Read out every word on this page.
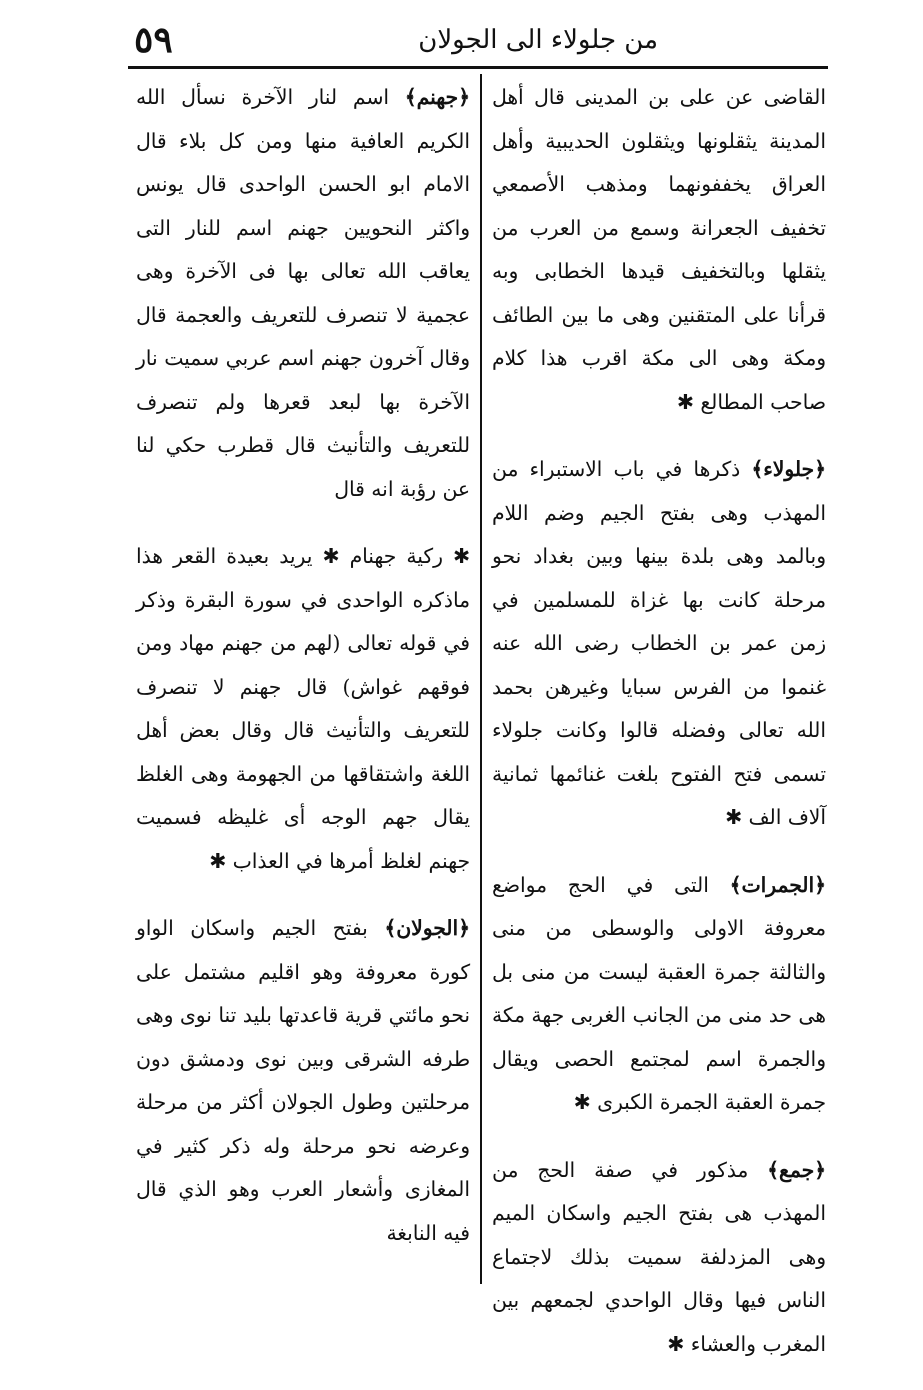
من جلولاء الى الجولان
٥٩

القاضى عن على بن المدينى قال أهل المدينة يثقلونها ويثقلون الحديبية وأهل العراق يخففونهما ومذهب الأصمعي تخفيف الجعرانة وسمع من العرب من يثقلها وبالتخفيف قيدها الخطابى وبه قرأنا على المتقنين وهى ما بين الطائف ومكة وهى الى مكة اقرب هذا كلام صاحب المطالع ✱

﴿جلولاء﴾ ذكرها في باب الاستبراء من المهذب وهى بفتح الجيم وضم اللام وبالمد وهى بلدة بينها وبين بغداد نحو مرحلة كانت بها غزاة للمسلمين في زمن عمر بن الخطاب رضى الله عنه غنموا من الفرس سبايا وغيرهن بحمد الله تعالى وفضله قالوا وكانت جلولاء تسمى فتح الفتوح بلغت غنائمها ثمانية آلاف الف ✱

﴿الجمرات﴾ التى في الحج مواضع معروفة الاولى والوسطى من منى والثالثة جمرة العقبة ليست من منى بل هى حد منى من الجانب الغربى جهة مكة والجمرة اسم لمجتمع الحصى ويقال جمرة العقبة الجمرة الكبرى ✱

﴿جمع﴾ مذكور في صفة الحج من المهذب هى بفتح الجيم واسكان الميم وهى المزدلفة سميت بذلك لاجتماع الناس فيها وقال الواحدي لجمعهم بين المغرب والعشاء ✱

﴿جهنم﴾ اسم لنار الآخرة نسأل الله الكريم العافية منها ومن كل بلاء قال الامام ابو الحسن الواحدى قال يونس واكثر النحويين جهنم اسم للنار التى يعاقب الله تعالى بها فى الآخرة وهى عجمية لا تنصرف للتعريف والعجمة قال وقال آخرون جهنم اسم عربي سميت نار الآخرة بها لبعد قعرها ولم تنصرف للتعريف والتأنيث قال قطرب حكي لنا عن رؤبة انه قال

✱ ركية جهنام ✱ يريد بعيدة القعر هذا ماذكره الواحدى في سورة البقرة وذكر في قوله تعالى (لهم من جهنم مهاد ومن فوقهم غواش) قال جهنم لا تنصرف للتعريف والتأنيث قال وقال بعض أهل اللغة واشتقاقها من الجهومة وهى الغلظ يقال جهم الوجه أى غليظه فسميت جهنم لغلظ أمرها في العذاب ✱

﴿الجولان﴾ بفتح الجيم واسكان الواو كورة معروفة وهو اقليم مشتمل على نحو مائتي قرية قاعدتها بليد تنا نوى وهى طرفه الشرقى وبين نوى ودمشق دون مرحلتين وطول الجولان أكثر من مرحلة وعرضه نحو مرحلة وله ذكر كثير في المغازى وأشعار العرب وهو الذي قال فيه النابغة
